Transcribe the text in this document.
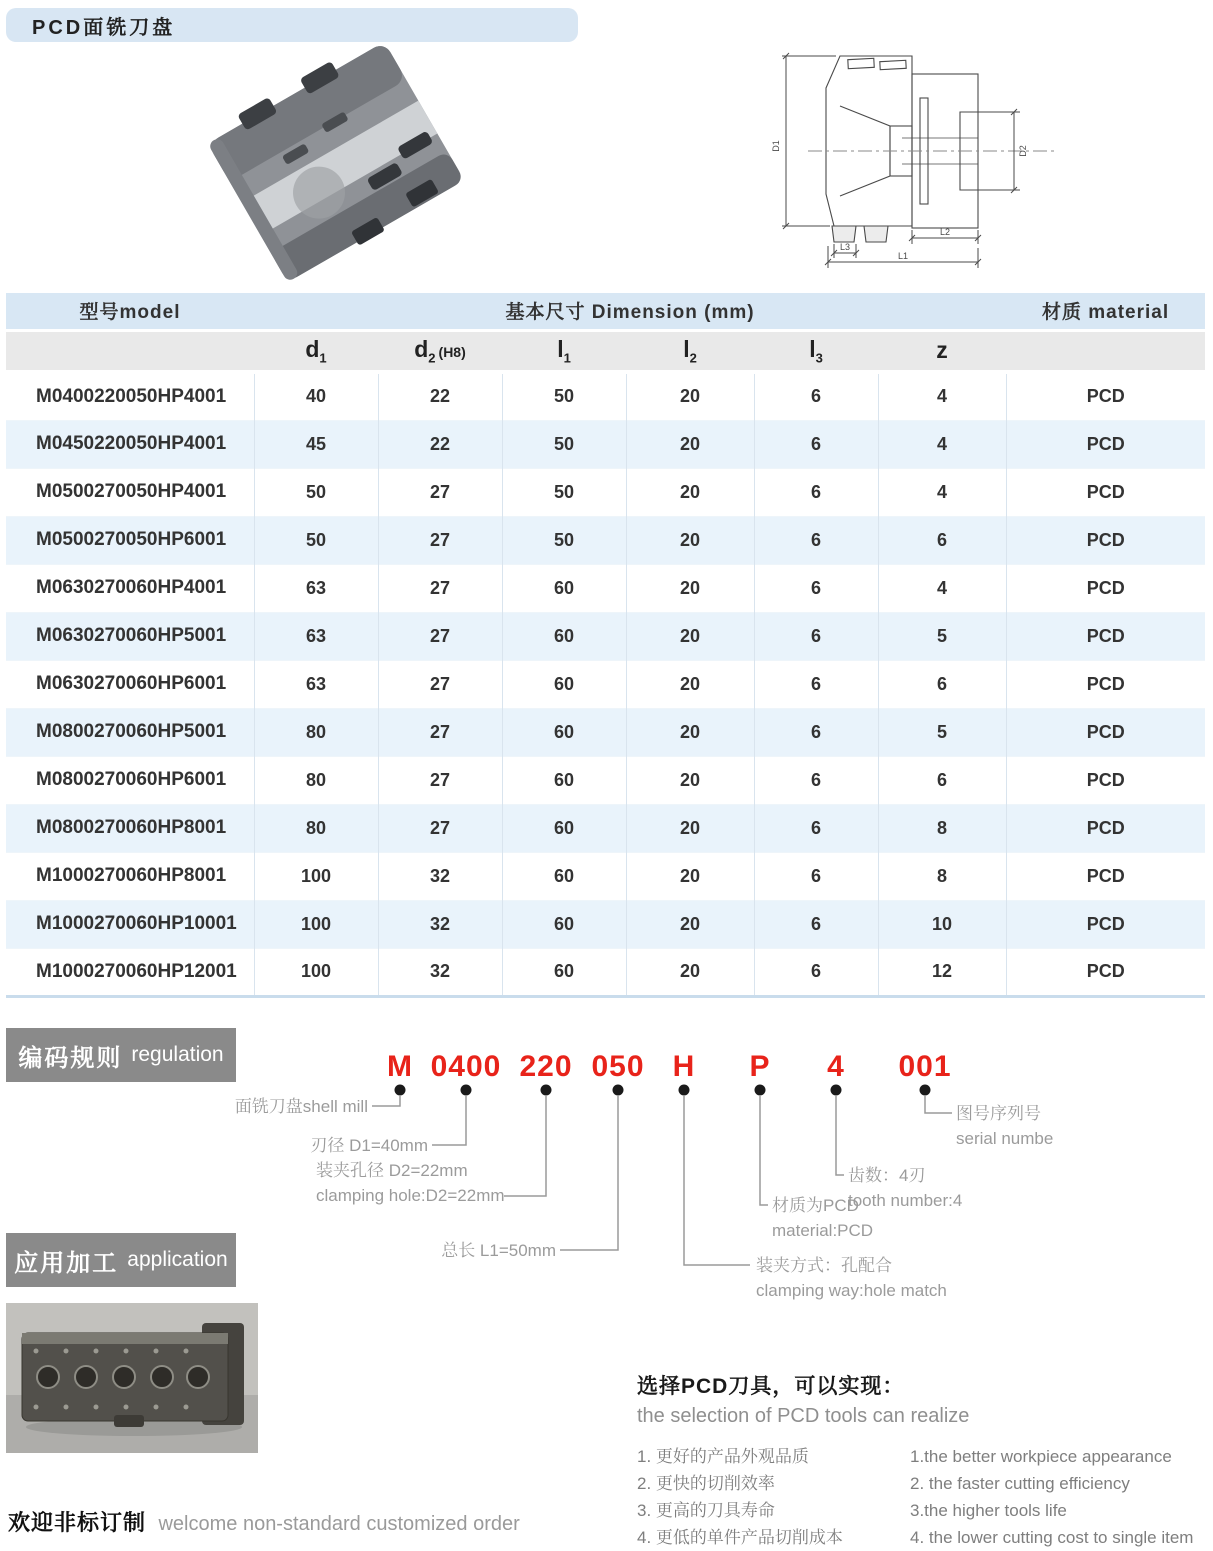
PCD面铣刀盘
D1	D2
L3
L2
L1
型号model	基本尺寸 Dimension (mm)						材质 material
	$d_1$	$d_2$ (H8)	$l_1$	$l_2$	$l_3$	z	
M0400220050HP4001	40	22	50	20	6	4	PCD
M0450220050HP4001	45	22	50	20	6	4	PCD
M0500270050HP4001	50	27	50	20	6	4	PCD
M0500270050HP6001	50	27	50	20	6	6	PCD
M0630270060HP4001	63	27	60	20	6	4	PCD
M0630270060HP5001	63	27	60	20	6	5	PCD
M0630270060HP6001	63	27	60	20	6	6	PCD
M0800270060HP5001	80	27	60	20	6	5	PCD
M0800270060HP6001	80	27	60	20	6	6	PCD
M0800270060HP8001	80	27	60	20	6	8	PCD
M1000270060HP8001	100	32	60	20	6	8	PCD
M1000270060HP10001	100	32	60	20	6	10	PCD
M1000270060HP12001	100	32	60	20	6	12	PCD
编码规则 regulation	M 0400 220 050 H P 4 001
面铣刀盘shell mill
刃径 D1=40mm
装夹孔径 D2=22mm
clamping hole:D2=22mm
总长 L1=50mm
装夹方式：孔配合
clamping way:hole match
材质为PCD
material:PCD
齿数：4刃
tooth number:4
图号序列号
serial numbe
应用加工 application
选择PCD刀具，可以实现：
the selection of PCD tools can realize
1. 更好的产品外观品质
2. 更快的切削效率
3. 更高的刀具寿命
4. 更低的单件产品切削成本
1.the better workpiece appearance
2. the faster cutting efficiency
3.the higher tools life
4. the lower cutting cost to single item
欢迎非标订制 welcome non-standard customized order
